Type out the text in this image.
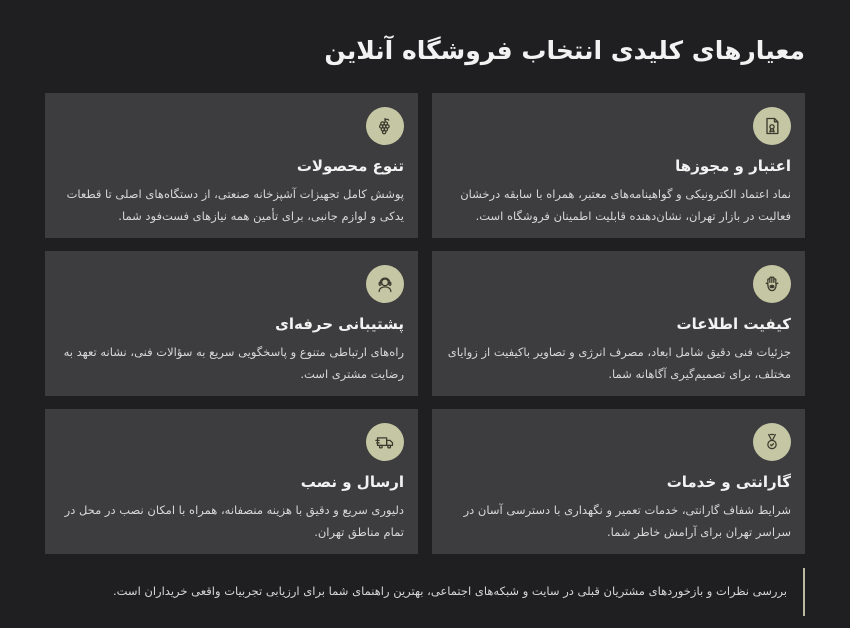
معیارهای کلیدی انتخاب فروشگاه آنلاین
اعتبار و مجوزها

نماد اعتماد الکترونیکی و گواهینامه‌های معتبر، همراه با سابقه درخشان فعالیت در بازار تهران، نشان‌دهنده قابلیت اطمینان فروشگاه است.

تنوع محصولات

پوشش کامل تجهیزات آشپزخانه صنعتی، از دستگاه‌های اصلی تا قطعات یدکی و لوازم جانبی، برای تأمین همه نیازهای فست‌فود شما.

کیفیت اطلاعات

جزئیات فنی دقیق شامل ابعاد، مصرف انرژی و تصاویر باکیفیت از زوایای مختلف، برای تصمیم‌گیری آگاهانه شما.

پشتیبانی حرفه‌ای

راه‌های ارتباطی متنوع و پاسخگویی سریع به سؤالات فنی، نشانه تعهد به رضایت مشتری است.

گارانتی و خدمات

شرایط شفاف گارانتی، خدمات تعمیر و نگهداری با دسترسی آسان در سراسر تهران برای آرامش خاطر شما.

ارسال و نصب

دلیوری سریع و دقیق با هزینه منصفانه، همراه با امکان نصب در محل در تمام مناطق تهران.

بررسی نظرات و بازخوردهای مشتریان قبلی در سایت و شبکه‌های اجتماعی، بهترین راهنمای شما برای ارزیابی تجربیات واقعی خریداران است.
